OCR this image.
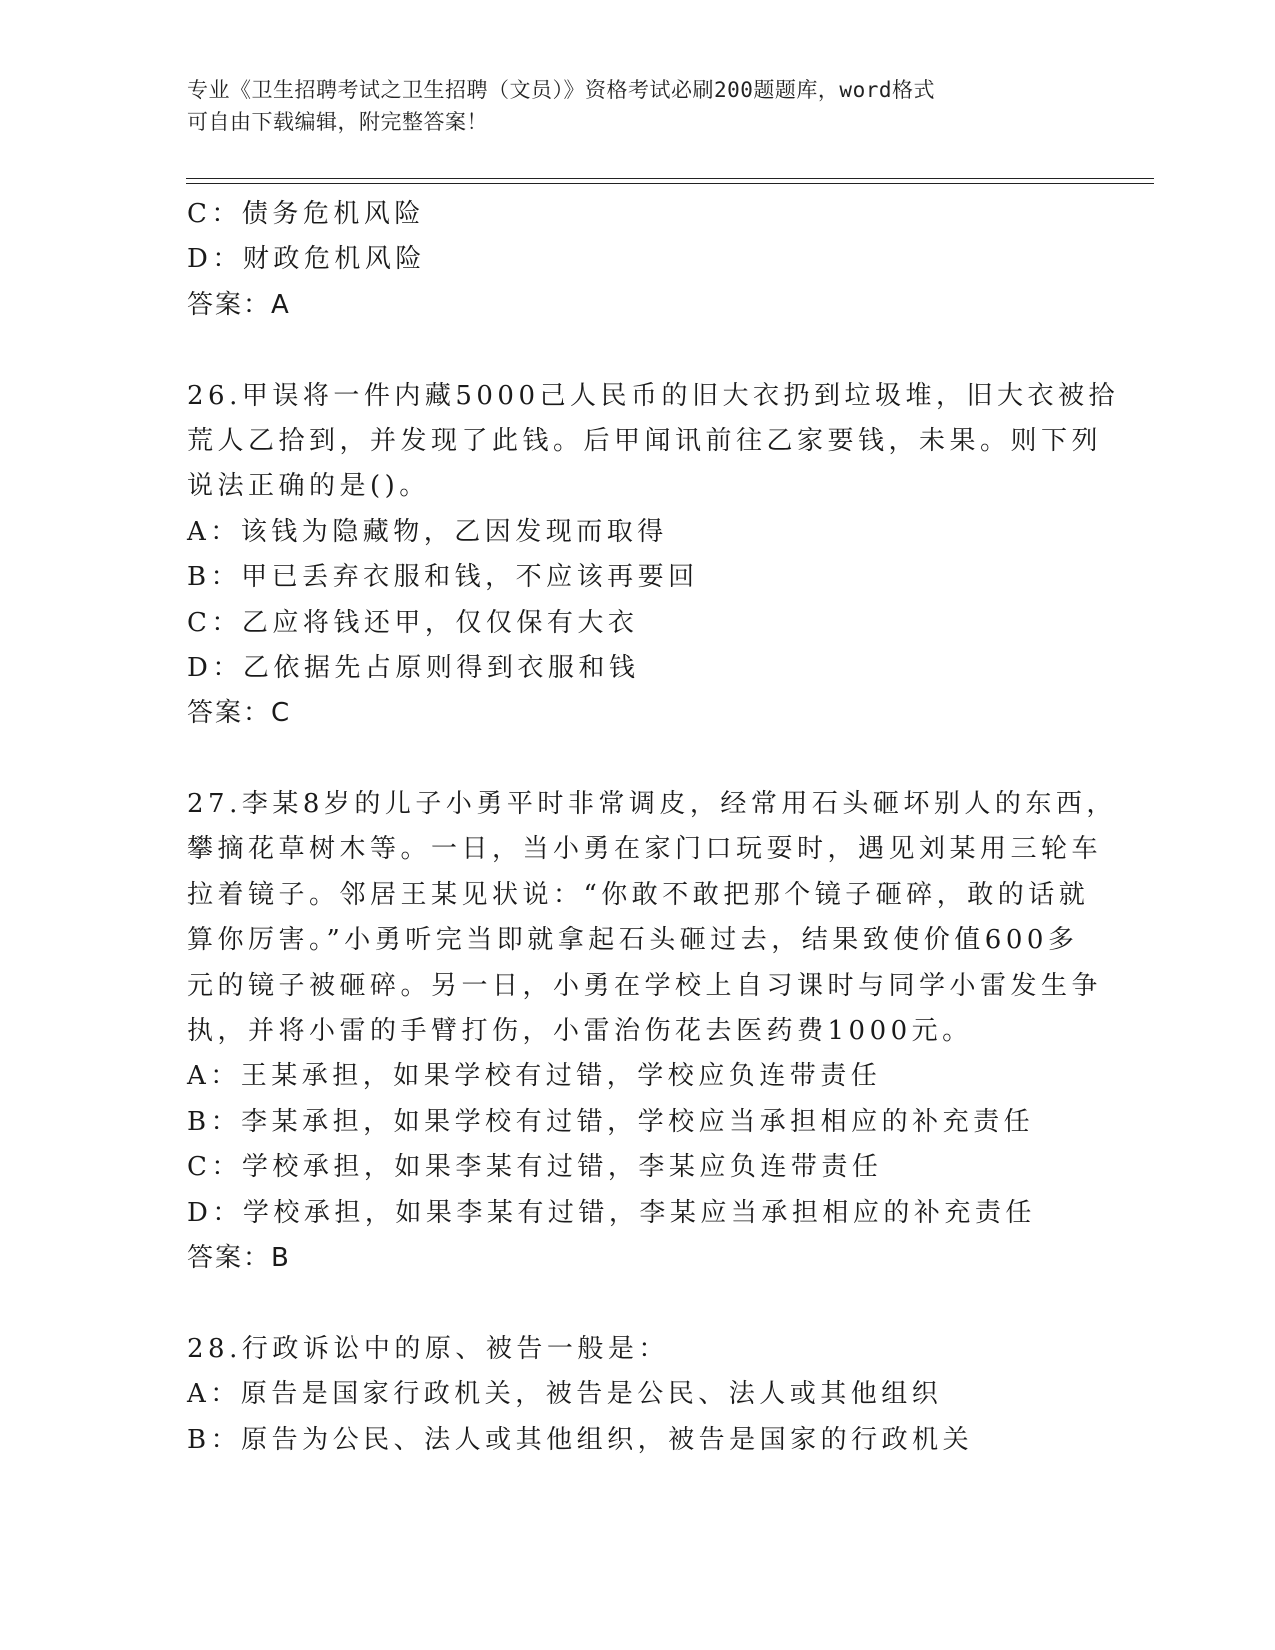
专业《卫生招聘考试之卫生招聘（文员）》资格考试必刷200题题库，word格式
可自由下载编辑，附完整答案！
C：债务危机风险
D：财政危机风险
答案：A
26.甲误将一件内藏5000己人民币的旧大衣扔到垃圾堆，旧大衣被拾
荒人乙拾到，并发现了此钱。后甲闻讯前往乙家要钱，未果。则下列
说法正确的是()。
A：该钱为隐藏物，乙因发现而取得
B：甲已丢弃衣服和钱，不应该再要回
C：乙应将钱还甲，仅仅保有大衣
D：乙依据先占原则得到衣服和钱
答案：C
27.李某8岁的儿子小勇平时非常调皮，经常用石头砸坏别人的东西，
攀摘花草树木等。一日，当小勇在家门口玩耍时，遇见刘某用三轮车
拉着镜子。邻居王某见状说：“你敢不敢把那个镜子砸碎，敢的话就
算你厉害。”小勇听完当即就拿起石头砸过去，结果致使价值600多
元的镜子被砸碎。另一日，小勇在学校上自习课时与同学小雷发生争
执，并将小雷的手臂打伤，小雷治伤花去医药费1000元。
A：王某承担，如果学校有过错，学校应负连带责任
B：李某承担，如果学校有过错，学校应当承担相应的补充责任
C：学校承担，如果李某有过错，李某应负连带责任
D：学校承担，如果李某有过错，李某应当承担相应的补充责任
答案：B
28.行政诉讼中的原、被告一般是：
A：原告是国家行政机关，被告是公民、法人或其他组织
B：原告为公民、法人或其他组织，被告是国家的行政机关
